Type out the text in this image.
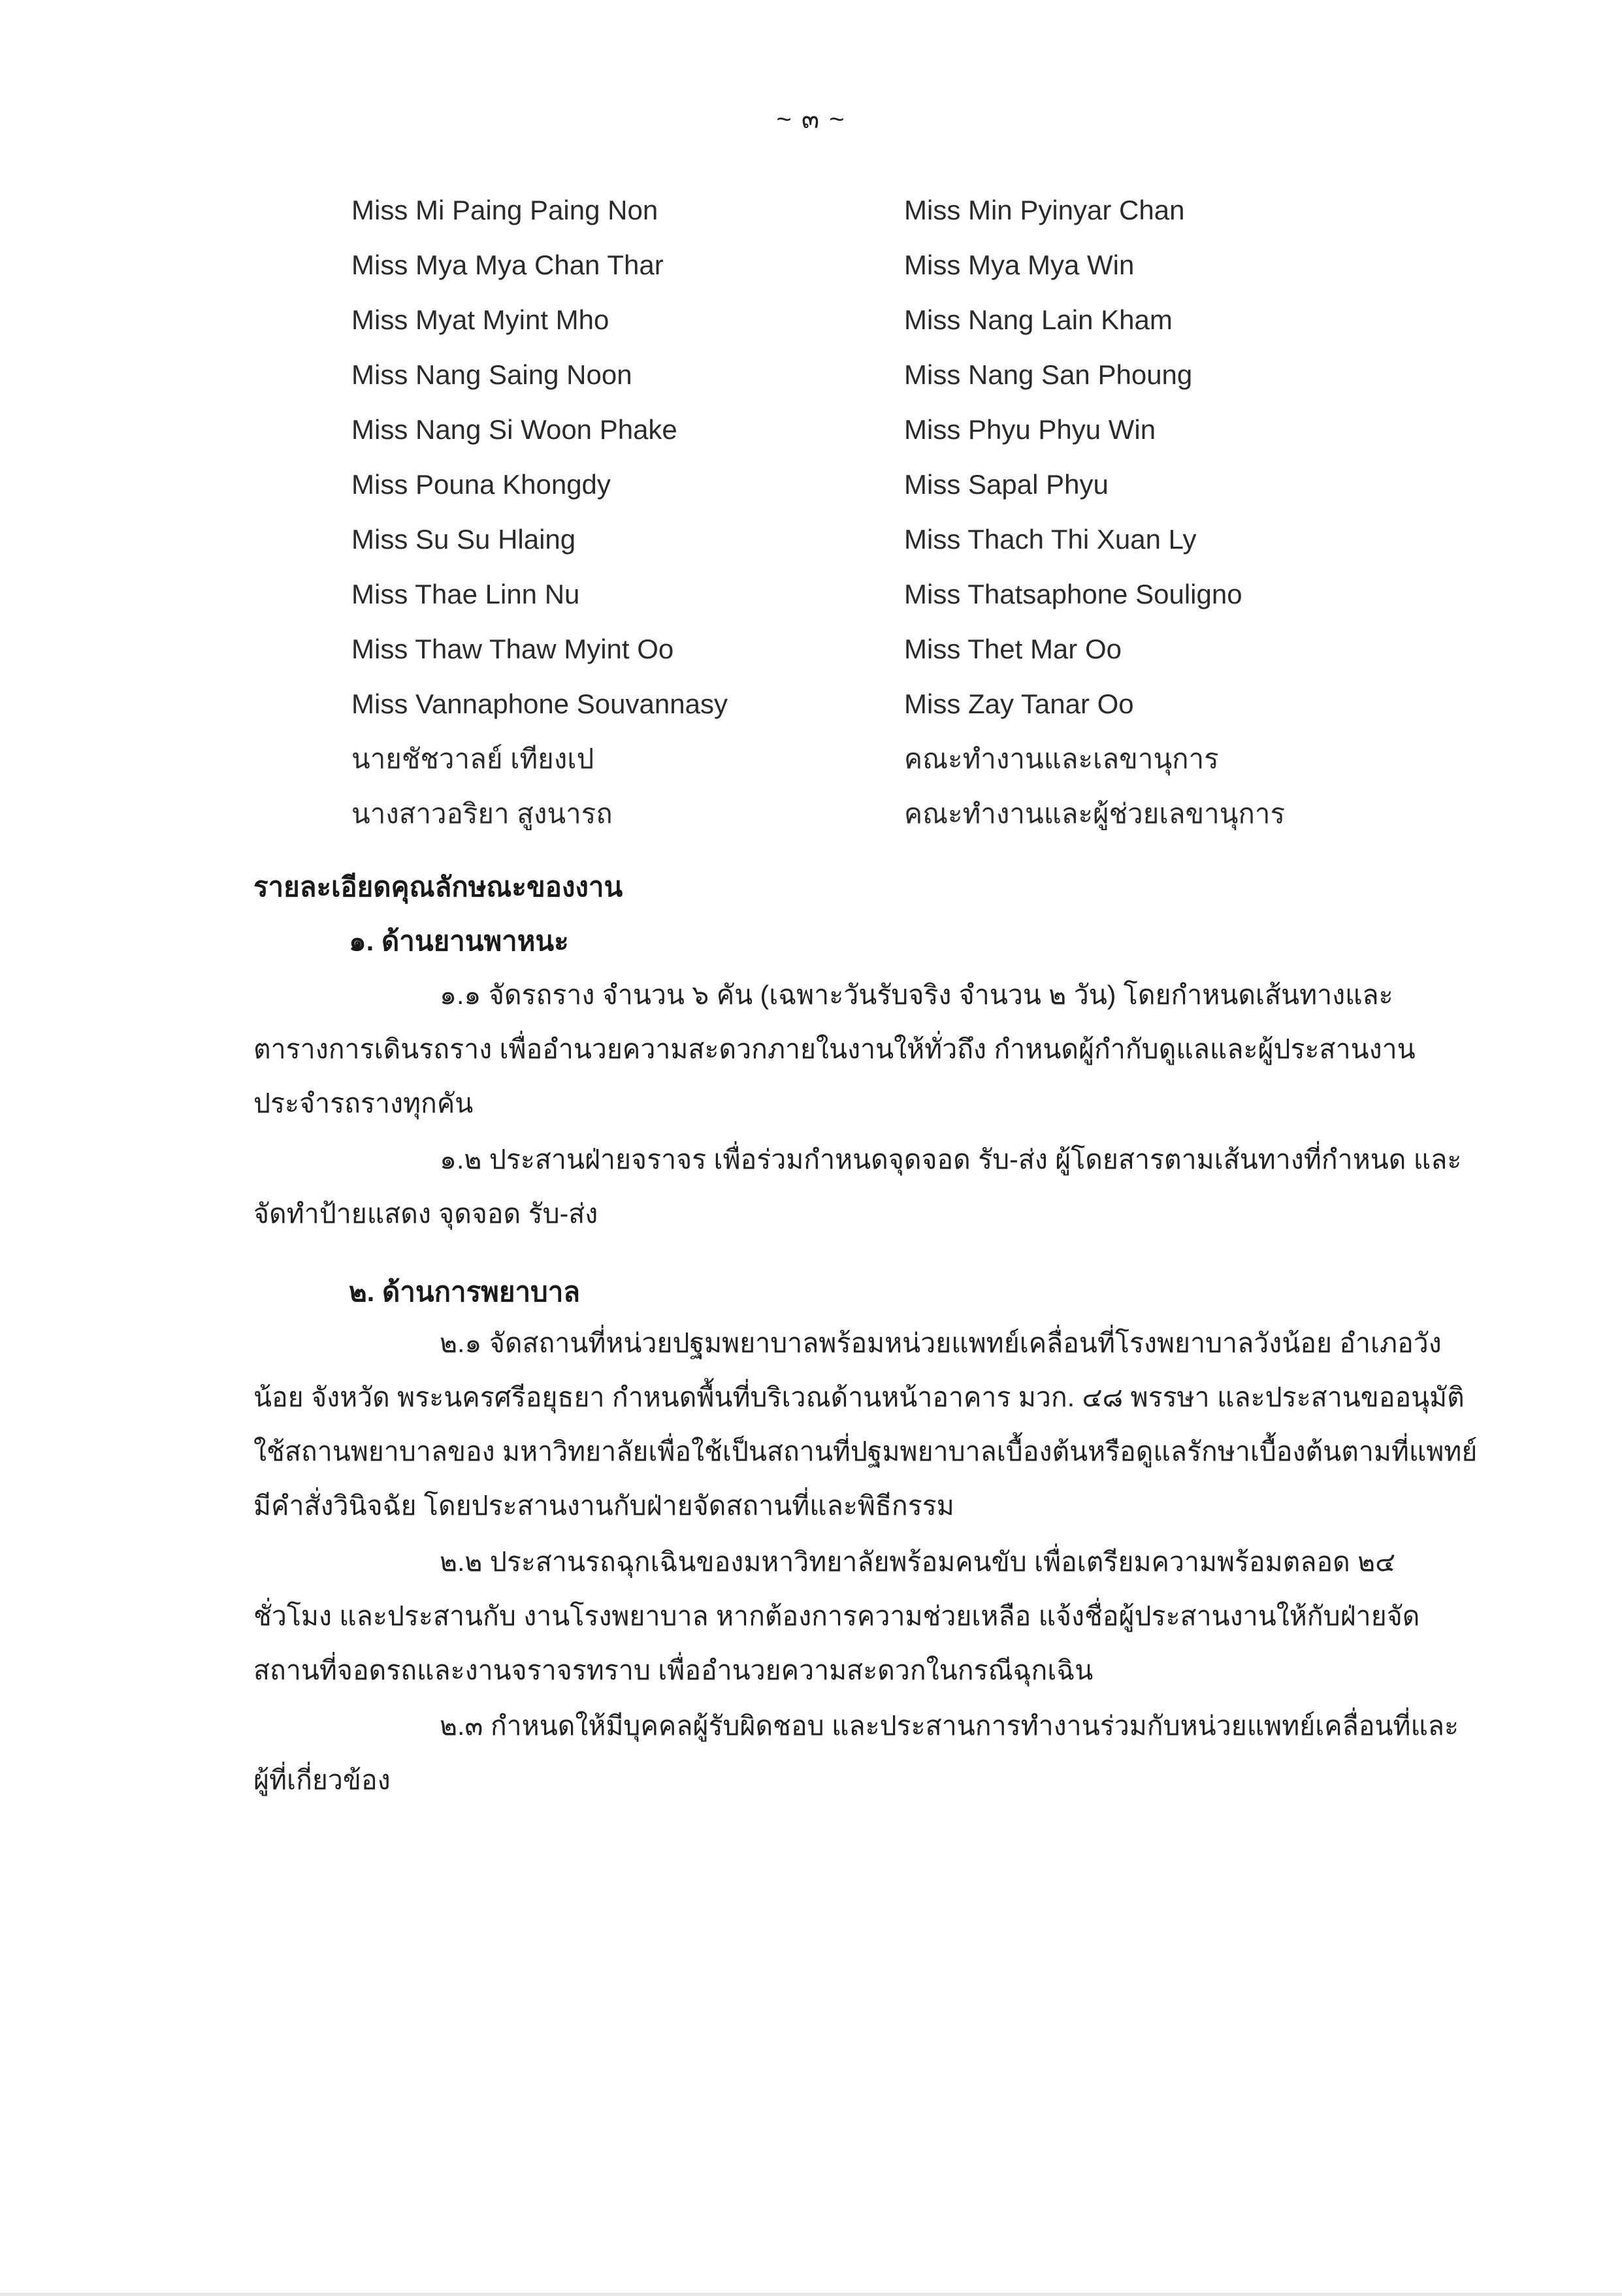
~ ๓ ~
Miss Mi Paing Paing Non	Miss Min Pyinyar Chan
Miss Mya Mya Chan Thar	Miss Mya Mya Win
Miss Myat Myint Mho	Miss Nang Lain Kham
Miss Nang Saing Noon	Miss Nang San Phoung
Miss Nang Si Woon Phake	Miss Phyu Phyu Win
Miss Pouna Khongdy	Miss Sapal Phyu
Miss Su Su Hlaing	Miss Thach Thi Xuan Ly
Miss Thae Linn Nu	Miss Thatsaphone Souligno
Miss Thaw Thaw Myint Oo	Miss Thet Mar Oo
Miss Vannaphone Souvannasy	Miss Zay Tanar Oo
นายชัชวาลย์ เทียงเป	คณะทำงานและเลขานุการ
นางสาวอริยา สูงนารถ	คณะทำงานและผู้ช่วยเลขานุการ
รายละเอียดคุณลักษณะของงาน
๑. ด้านยานพาหนะ
๑.๑ จัดรถราง จำนวน ๖ คัน (เฉพาะวันรับจริง จำนวน ๒ วัน) โดยกำหนดเส้นทางและ
ตารางการเดินรถราง เพื่ออำนวยความสะดวกภายในงานให้ทั่วถึง กำหนดผู้กำกับดูแลและผู้ประสานงาน
ประจำรถรางทุกคัน
๑.๒ ประสานฝ่ายจราจร เพื่อร่วมกำหนดจุดจอด รับ-ส่ง ผู้โดยสารตามเส้นทางที่กำหนด และ
จัดทำป้ายแสดง จุดจอด รับ-ส่ง
๒. ด้านการพยาบาล
๒.๑ จัดสถานที่หน่วยปฐมพยาบาลพร้อมหน่วยแพทย์เคลื่อนที่โรงพยาบาลวังน้อย อำเภอวัง
น้อย จังหวัด พระนครศรีอยุธยา กำหนดพื้นที่บริเวณด้านหน้าอาคาร มวก. ๔๘ พรรษา และประสานขออนุมัติ
ใช้สถานพยาบาลของ มหาวิทยาลัยเพื่อใช้เป็นสถานที่ปฐมพยาบาลเบื้องต้นหรือดูแลรักษาเบื้องต้นตามที่แพทย์
มีคำสั่งวินิจฉัย โดยประสานงานกับฝ่ายจัดสถานที่และพิธีกรรม
๒.๒ ประสานรถฉุกเฉินของมหาวิทยาลัยพร้อมคนขับ เพื่อเตรียมความพร้อมตลอด ๒๔
ชั่วโมง และประสานกับ งานโรงพยาบาล หากต้องการความช่วยเหลือ แจ้งชื่อผู้ประสานงานให้กับฝ่ายจัด
สถานที่จอดรถและงานจราจรทราบ เพื่ออำนวยความสะดวกในกรณีฉุกเฉิน
๒.๓ กำหนดให้มีบุคคลผู้รับผิดชอบ และประสานการทำงานร่วมกับหน่วยแพทย์เคลื่อนที่และ
ผู้ที่เกี่ยวข้อง
